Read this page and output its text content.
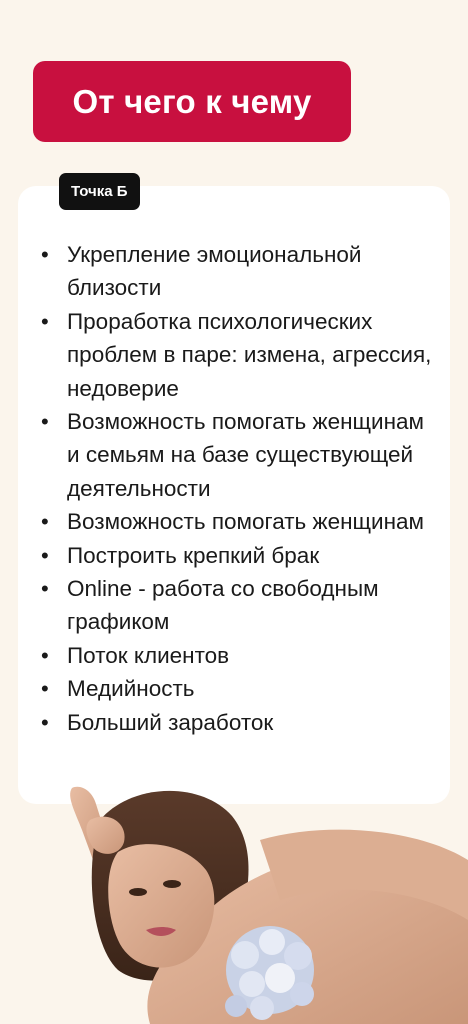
От чего к чему
Точка Б
• Укрепление эмоциональной близости
• Проработка психологических проблем в паре: измена, агрессия, недоверие
• Возможность помогать женщинам и семьям на базе существующей деятельности
• Возможность помогать женщинам
• Построить крепкий брак
• Online - работа со свободным графиком
• Поток клиентов
• Медийность
• Больший заработок
